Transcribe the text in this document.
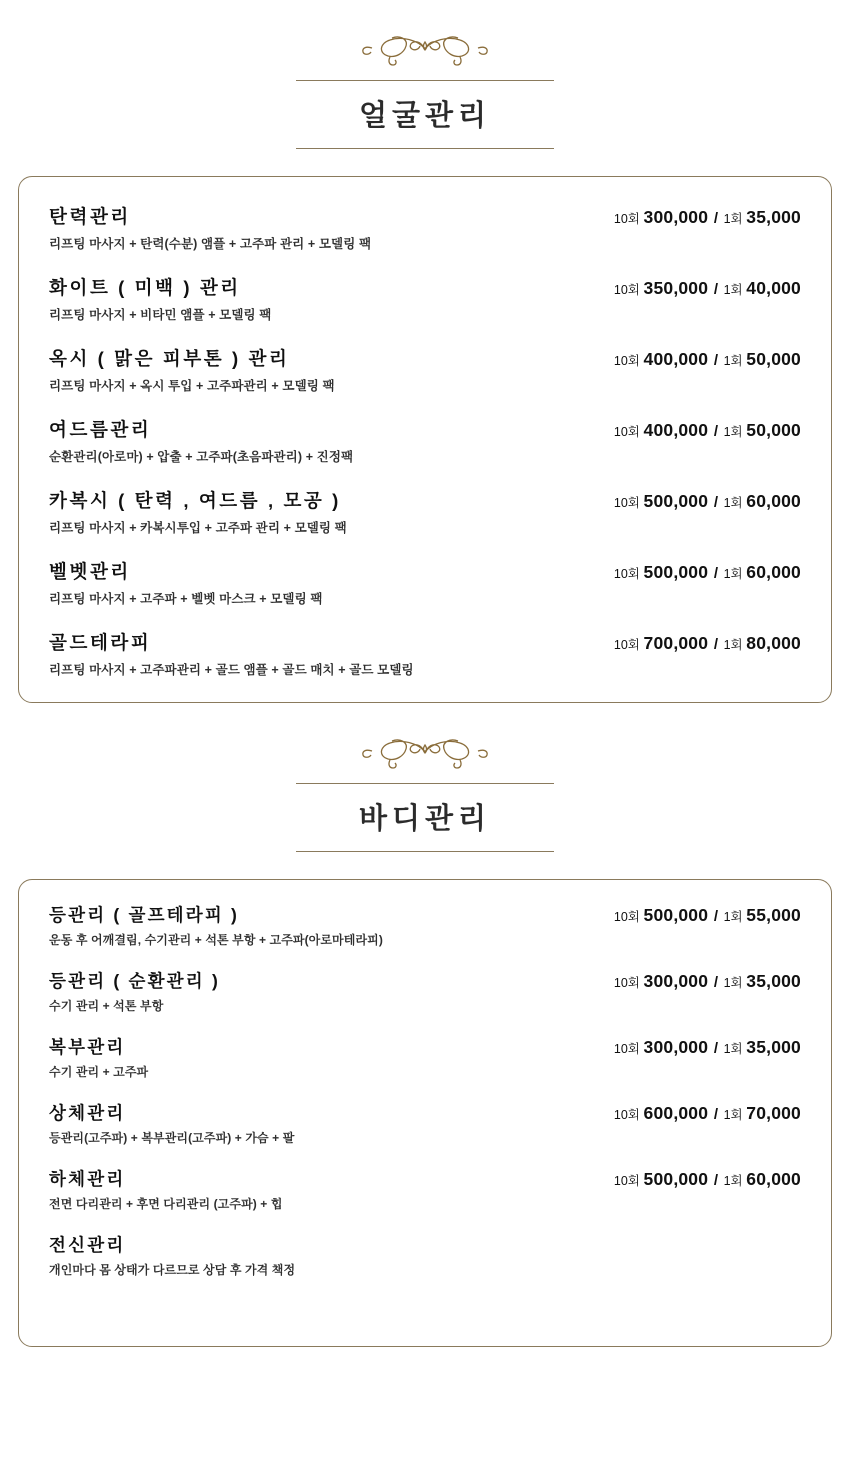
얼굴관리
탄력관리 ·····	10회 300,000 / 1회 35,000
리프팅 마사지 + 탄력(수분) 앰플 + 고주파 관리 + 모델링 팩
화이트 ( 미백 ) 관리 ·····	10회 350,000 / 1회 40,000
리프팅 마사지 + 비타민 앰플 + 모델링 팩
옥시 ( 맑은 피부톤 ) 관리 ·····	10회 400,000 / 1회 50,000
리프팅 마사지 + 옥시 투입 + 고주파관리 + 모델링 팩
여드름관리 ·····	10회 400,000 / 1회 50,000
순환관리(아로마) + 압출 + 고주파(초음파관리) + 진정팩
카복시 ( 탄력 , 여드름 , 모공 ) ·····	10회 500,000 / 1회 60,000
리프팅 마사지 + 카복시투입 + 고주파 관리 + 모델링 팩
벨벳관리 ·····	10회 500,000 / 1회 60,000
리프팅 마사지 + 고주파 + 벨벳 마스크 + 모델링 팩
골드테라피 ·····	10회 700,000 / 1회 80,000
리프팅 마사지 + 고주파관리 + 골드 앰플 + 골드 매치 + 골드 모델링
바디관리
등관리 ( 골프테라피 ) ·····	10회 500,000 / 1회 55,000
운동 후 어깨결림, 수기관리 + 석톤 부항 + 고주파(아로마테라피)
등관리 ( 순환관리 ) ·····	10회 300,000 / 1회 35,000
수기 관리 + 석톤 부항
복부관리 ·····	10회 300,000 / 1회 35,000
수기 관리 + 고주파
상체관리 ·····	10회 600,000 / 1회 70,000
등관리(고주파) + 복부관리(고주파) + 가슴 + 팔
하체관리 ·····	10회 500,000 / 1회 60,000
전면 다리관리 + 후면 다리관리 (고주파) + 힙
전신관리
개인마다 몸 상태가 다르므로 상담 후 가격 책정
